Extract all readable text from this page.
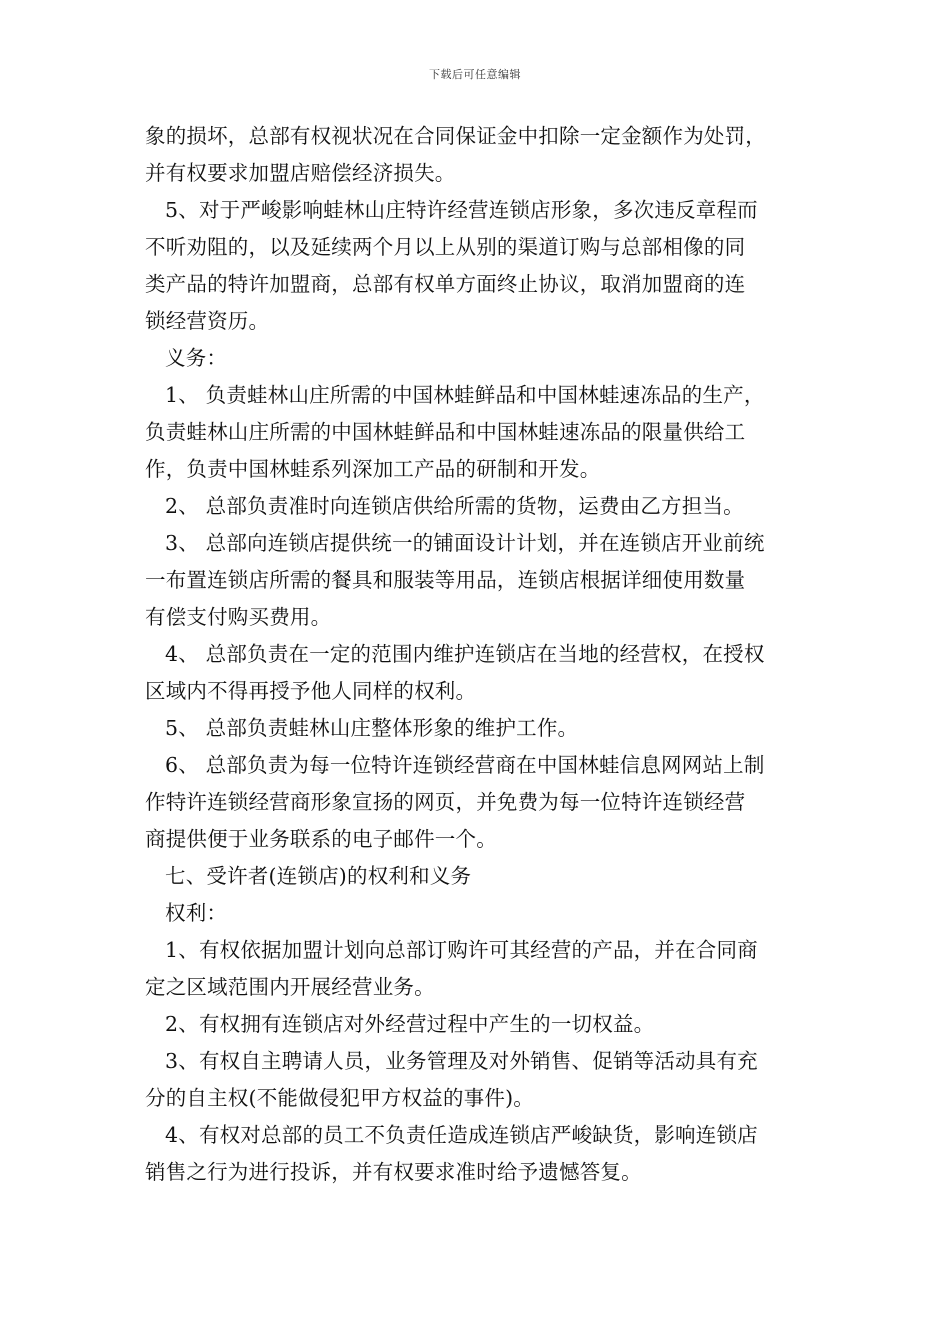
下载后可任意编辑
象的损坏，总部有权视状况在合同保证金中扣除一定金额作为处罚，
并有权要求加盟店赔偿经济损失。
5、对于严峻影响蛙林山庄特许经营连锁店形象，多次违反章程而
不听劝阻的，以及延续两个月以上从别的渠道订购与总部相像的同
类产品的特许加盟商，总部有权单方面终止协议，取消加盟商的连
锁经营资历。
义务：
1、 负责蛙林山庄所需的中国林蛙鲜品和中国林蛙速冻品的生产，
负责蛙林山庄所需的中国林蛙鲜品和中国林蛙速冻品的限量供给工
作，负责中国林蛙系列深加工产品的研制和开发。
2、 总部负责准时向连锁店供给所需的货物，运费由乙方担当。
3、 总部向连锁店提供统一的铺面设计计划，并在连锁店开业前统
一布置连锁店所需的餐具和服装等用品，连锁店根据详细使用数量
有偿支付购买费用。
4、 总部负责在一定的范围内维护连锁店在当地的经营权，在授权
区域内不得再授予他人同样的权利。
5、 总部负责蛙林山庄整体形象的维护工作。
6、 总部负责为每一位特许连锁经营商在中国林蛙信息网网站上制
作特许连锁经营商形象宣扬的网页，并免费为每一位特许连锁经营
商提供便于业务联系的电子邮件一个。
七、受许者(连锁店)的权利和义务
权利：
1、有权依据加盟计划向总部订购许可其经营的产品，并在合同商
定之区域范围内开展经营业务。
2、有权拥有连锁店对外经营过程中产生的一切权益。
3、有权自主聘请人员，业务管理及对外销售、促销等活动具有充
分的自主权(不能做侵犯甲方权益的事件)。
4、有权对总部的员工不负责任造成连锁店严峻缺货，影响连锁店
销售之行为进行投诉，并有权要求准时给予遗憾答复。
